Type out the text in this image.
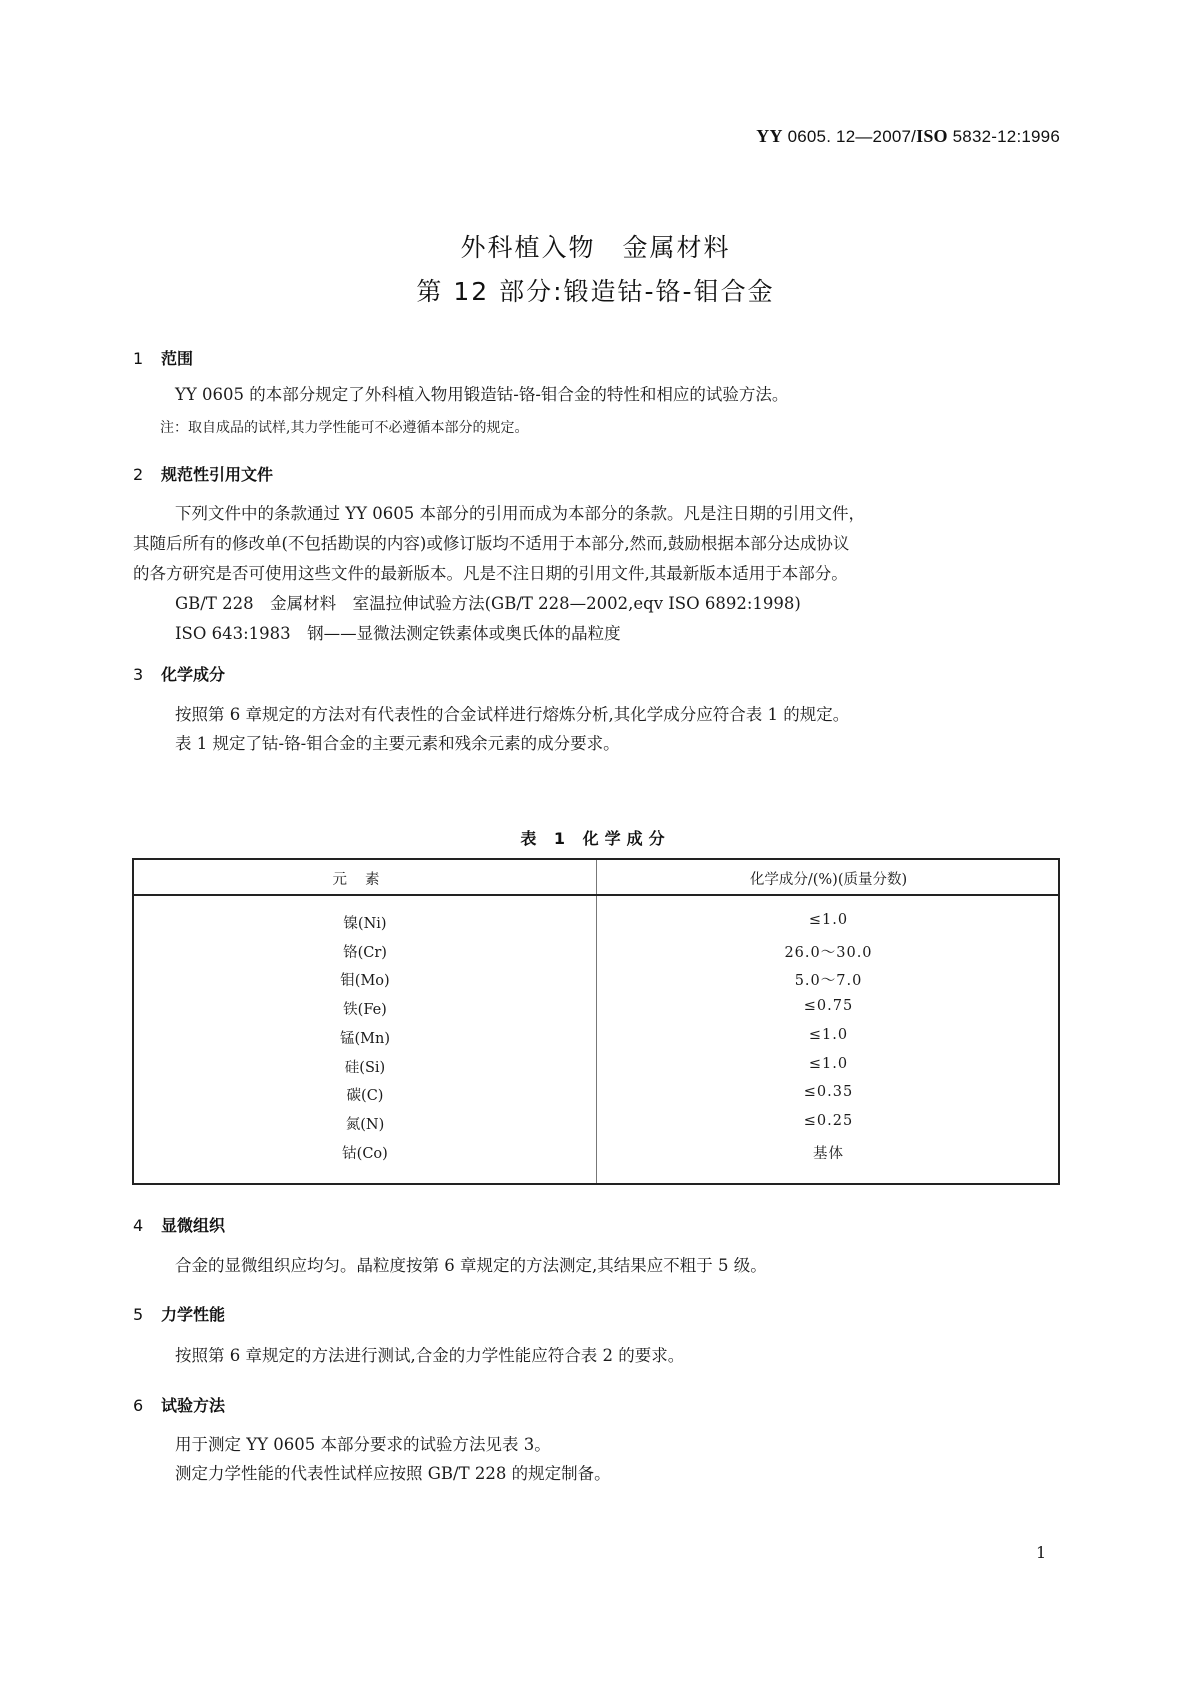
YY 0605. 12—2007/ISO 5832-12:1996
外科植入物　金属材料
第 12 部分:锻造钴-铬-钼合金
1 范围
YY 0605 的本部分规定了外科植入物用锻造钴-铬-钼合金的特性和相应的试验方法。
注：取自成品的试样,其力学性能可不必遵循本部分的规定。
2 规范性引用文件
下列文件中的条款通过 YY 0605 本部分的引用而成为本部分的条款。凡是注日期的引用文件，
其随后所有的修改单(不包括勘误的内容)或修订版均不适用于本部分,然而,鼓励根据本部分达成协议
的各方研究是否可使用这些文件的最新版本。凡是不注日期的引用文件,其最新版本适用于本部分。
GB/T 228　金属材料　室温拉伸试验方法(GB/T 228—2002,eqv ISO 6892:1998)
ISO 643:1983　钢——显微法测定铁素体或奥氏体的晶粒度
3 化学成分
按照第 6 章规定的方法对有代表性的合金试样进行熔炼分析,其化学成分应符合表 1 的规定。
表 1 规定了钴-铬-钼合金的主要元素和残余元素的成分要求。
表 1 化学成分
元素	化学成分/(%)(质量分数)
镍(Ni)	≤1.0
铬(Cr)	26.0～30.0
钼(Mo)	5.0～7.0
铁(Fe)	≤0.75
锰(Mn)	≤1.0
硅(Si)	≤1.0
碳(C)	≤0.35
氮(N)	≤0.25
钴(Co)	基体
4 显微组织
合金的显微组织应均匀。晶粒度按第 6 章规定的方法测定,其结果应不粗于 5 级。
5 力学性能
按照第 6 章规定的方法进行测试,合金的力学性能应符合表 2 的要求。
6 试验方法
用于测定 YY 0605 本部分要求的试验方法见表 3。
测定力学性能的代表性试样应按照 GB/T 228 的规定制备。
1
